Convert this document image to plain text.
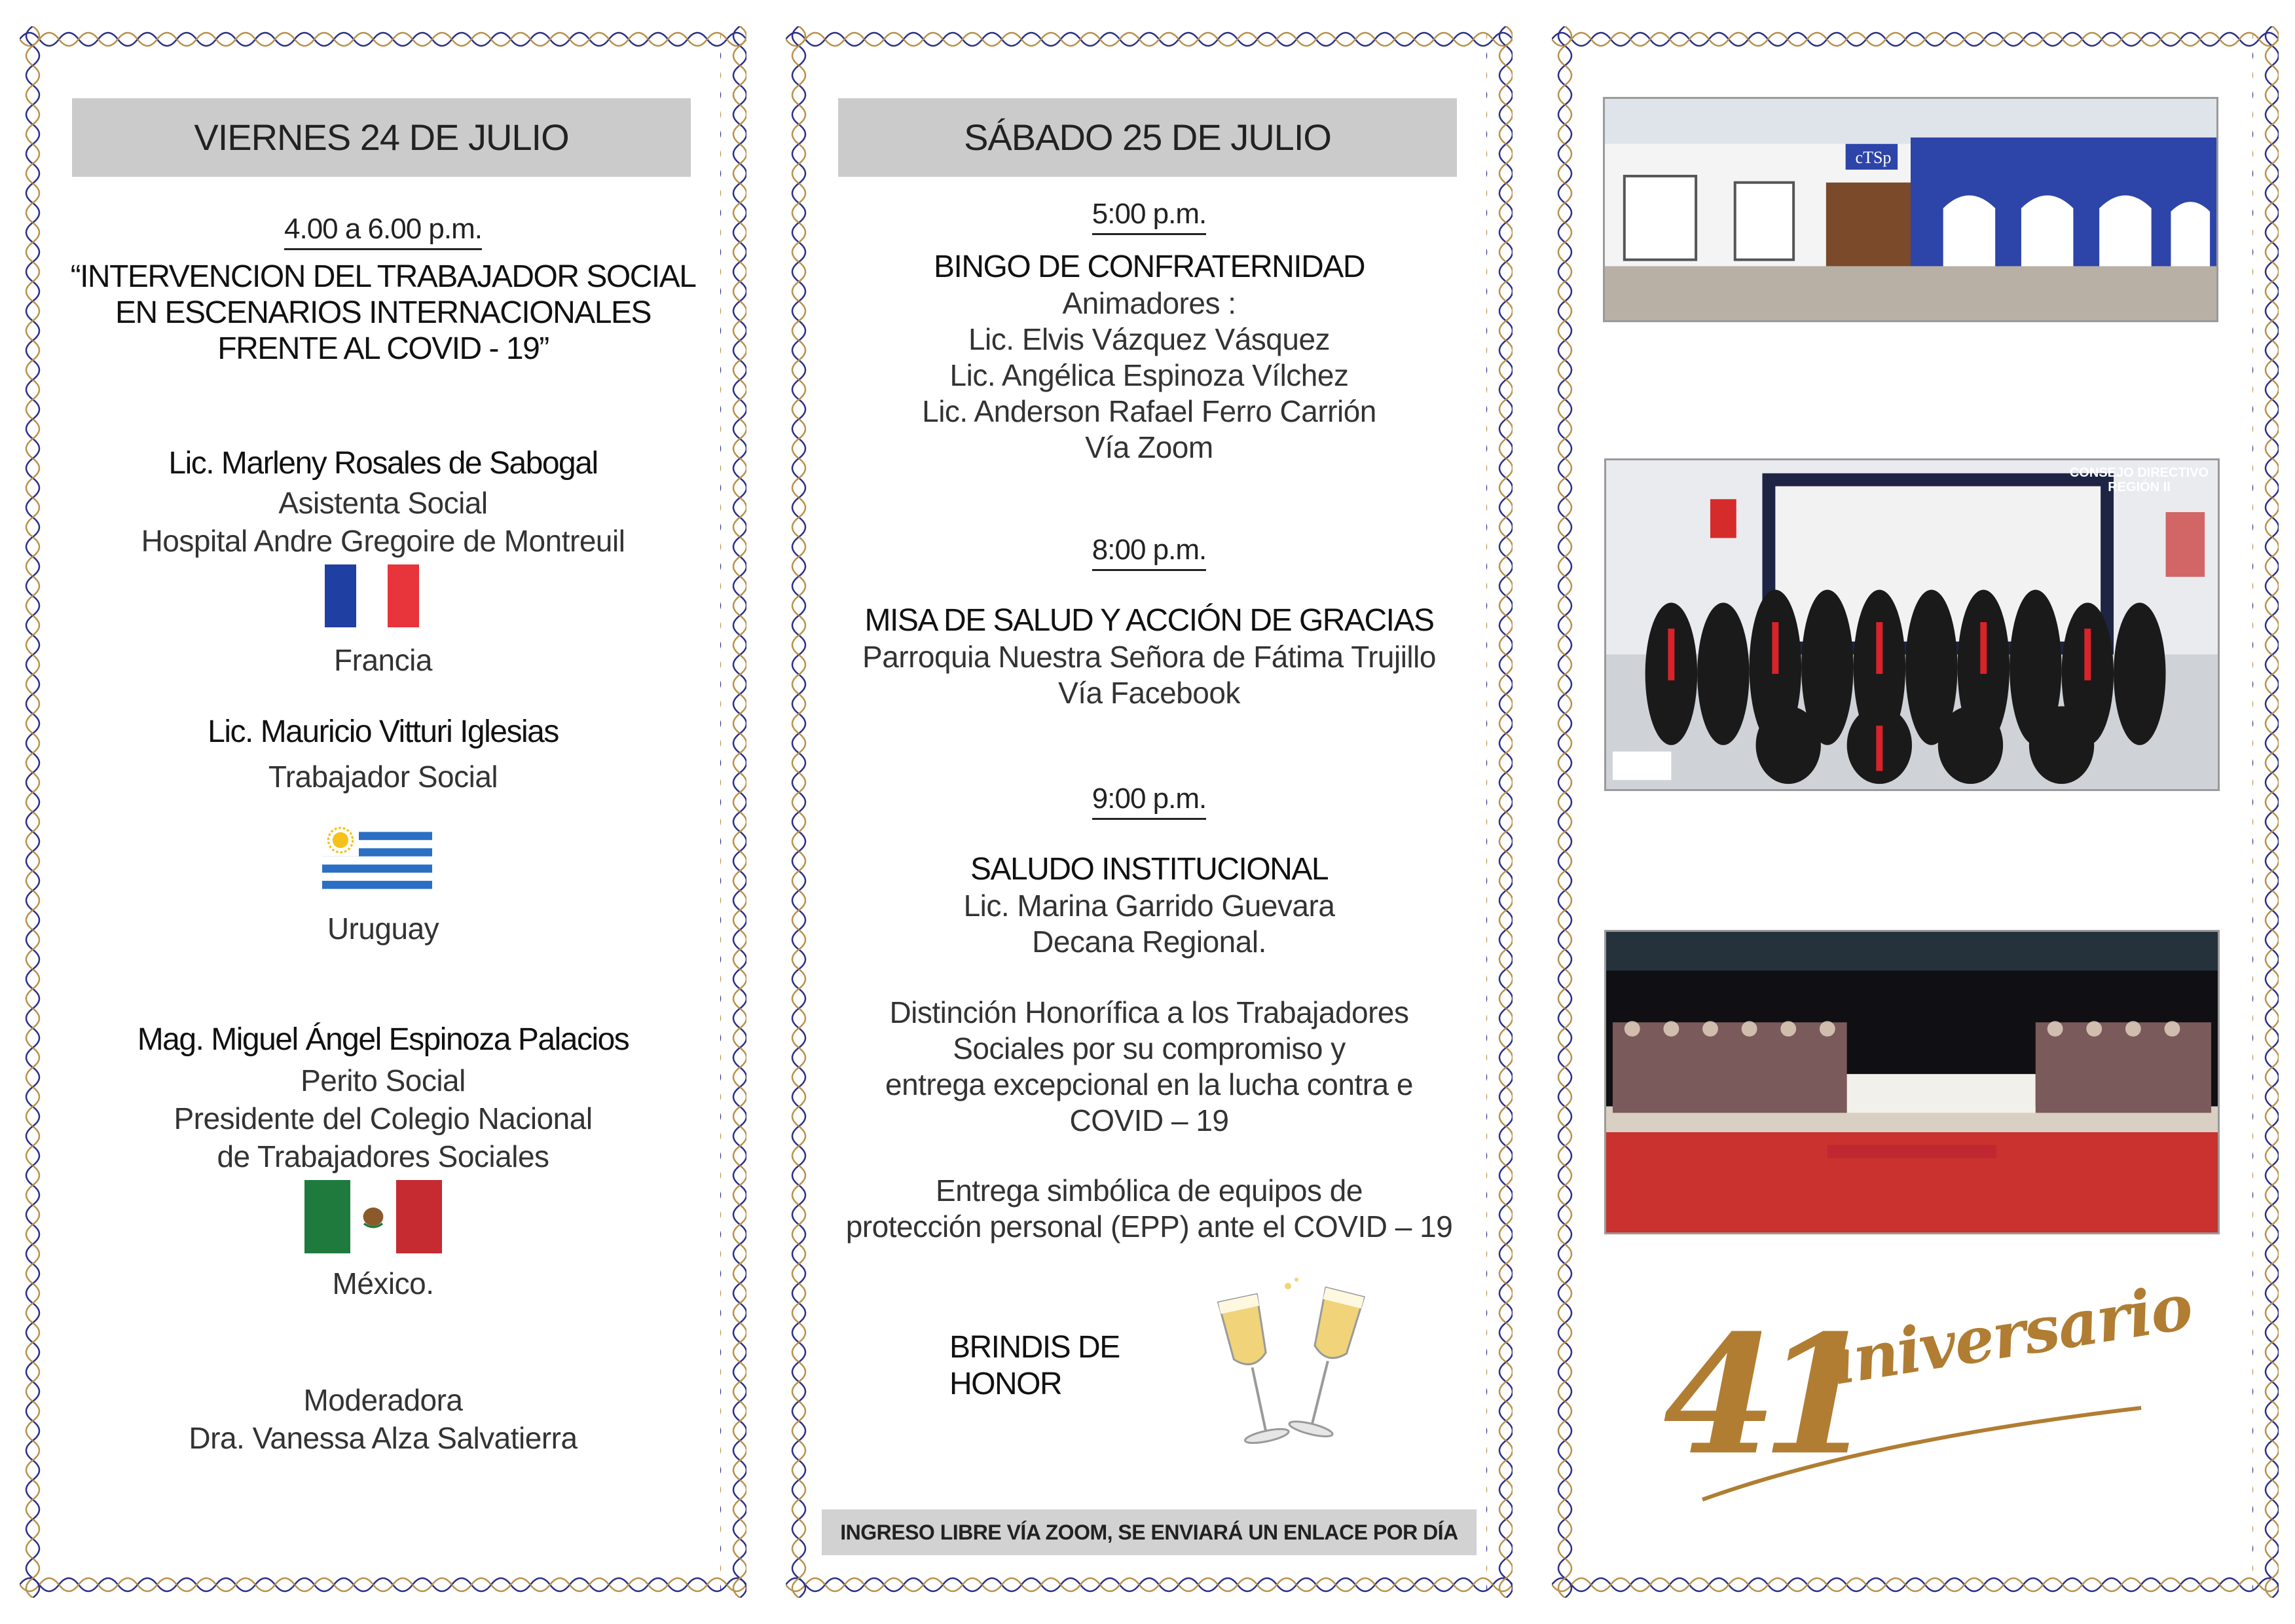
VIERNES 24 DE JULIO
4.00 a 6.00 p.m.
“INTERVENCION DEL TRABAJADOR SOCIAL
EN ESCENARIOS INTERNACIONALES
FRENTE AL COVID - 19”
Lic. Marleny Rosales de Sabogal
Asistenta Social
Hospital Andre Gregoire de Montreuil
Francia
Lic. Mauricio Vitturi Iglesias
Trabajador Social
Uruguay
Mag. Miguel Ángel Espinoza Palacios
Perito Social
Presidente del Colegio Nacional
de Trabajadores Sociales
México.
Moderadora
Dra. Vanessa Alza Salvatierra
SÁBADO 25 DE JULIO
5:00 p.m.
BINGO DE CONFRATERNIDAD
Animadores :
Lic. Elvis Vázquez Vásquez
Lic. Angélica Espinoza Vílchez
Lic. Anderson Rafael Ferro Carrión
Vía Zoom
8:00 p.m.
MISA DE SALUD Y ACCIÓN DE GRACIAS
Parroquia Nuestra Señora de Fátima Trujillo
Vía Facebook
9:00 p.m.
SALUDO INSTITUCIONAL
Lic. Marina Garrido Guevara
Decana Regional.
Distinción Honorífica a los Trabajadores
Sociales por su compromiso y
entrega excepcional en la lucha contra e
COVID – 19
Entrega simbólica de equipos de
protección personal (EPP) ante el COVID – 19
BRINDIS DE HONOR
INGRESO LIBRE VÍA ZOOM, SE ENVIARÁ UN ENLACE POR DÍA
cTSp
CONSEJO DIRECTIVO REGIÓN II
41
aniversario
